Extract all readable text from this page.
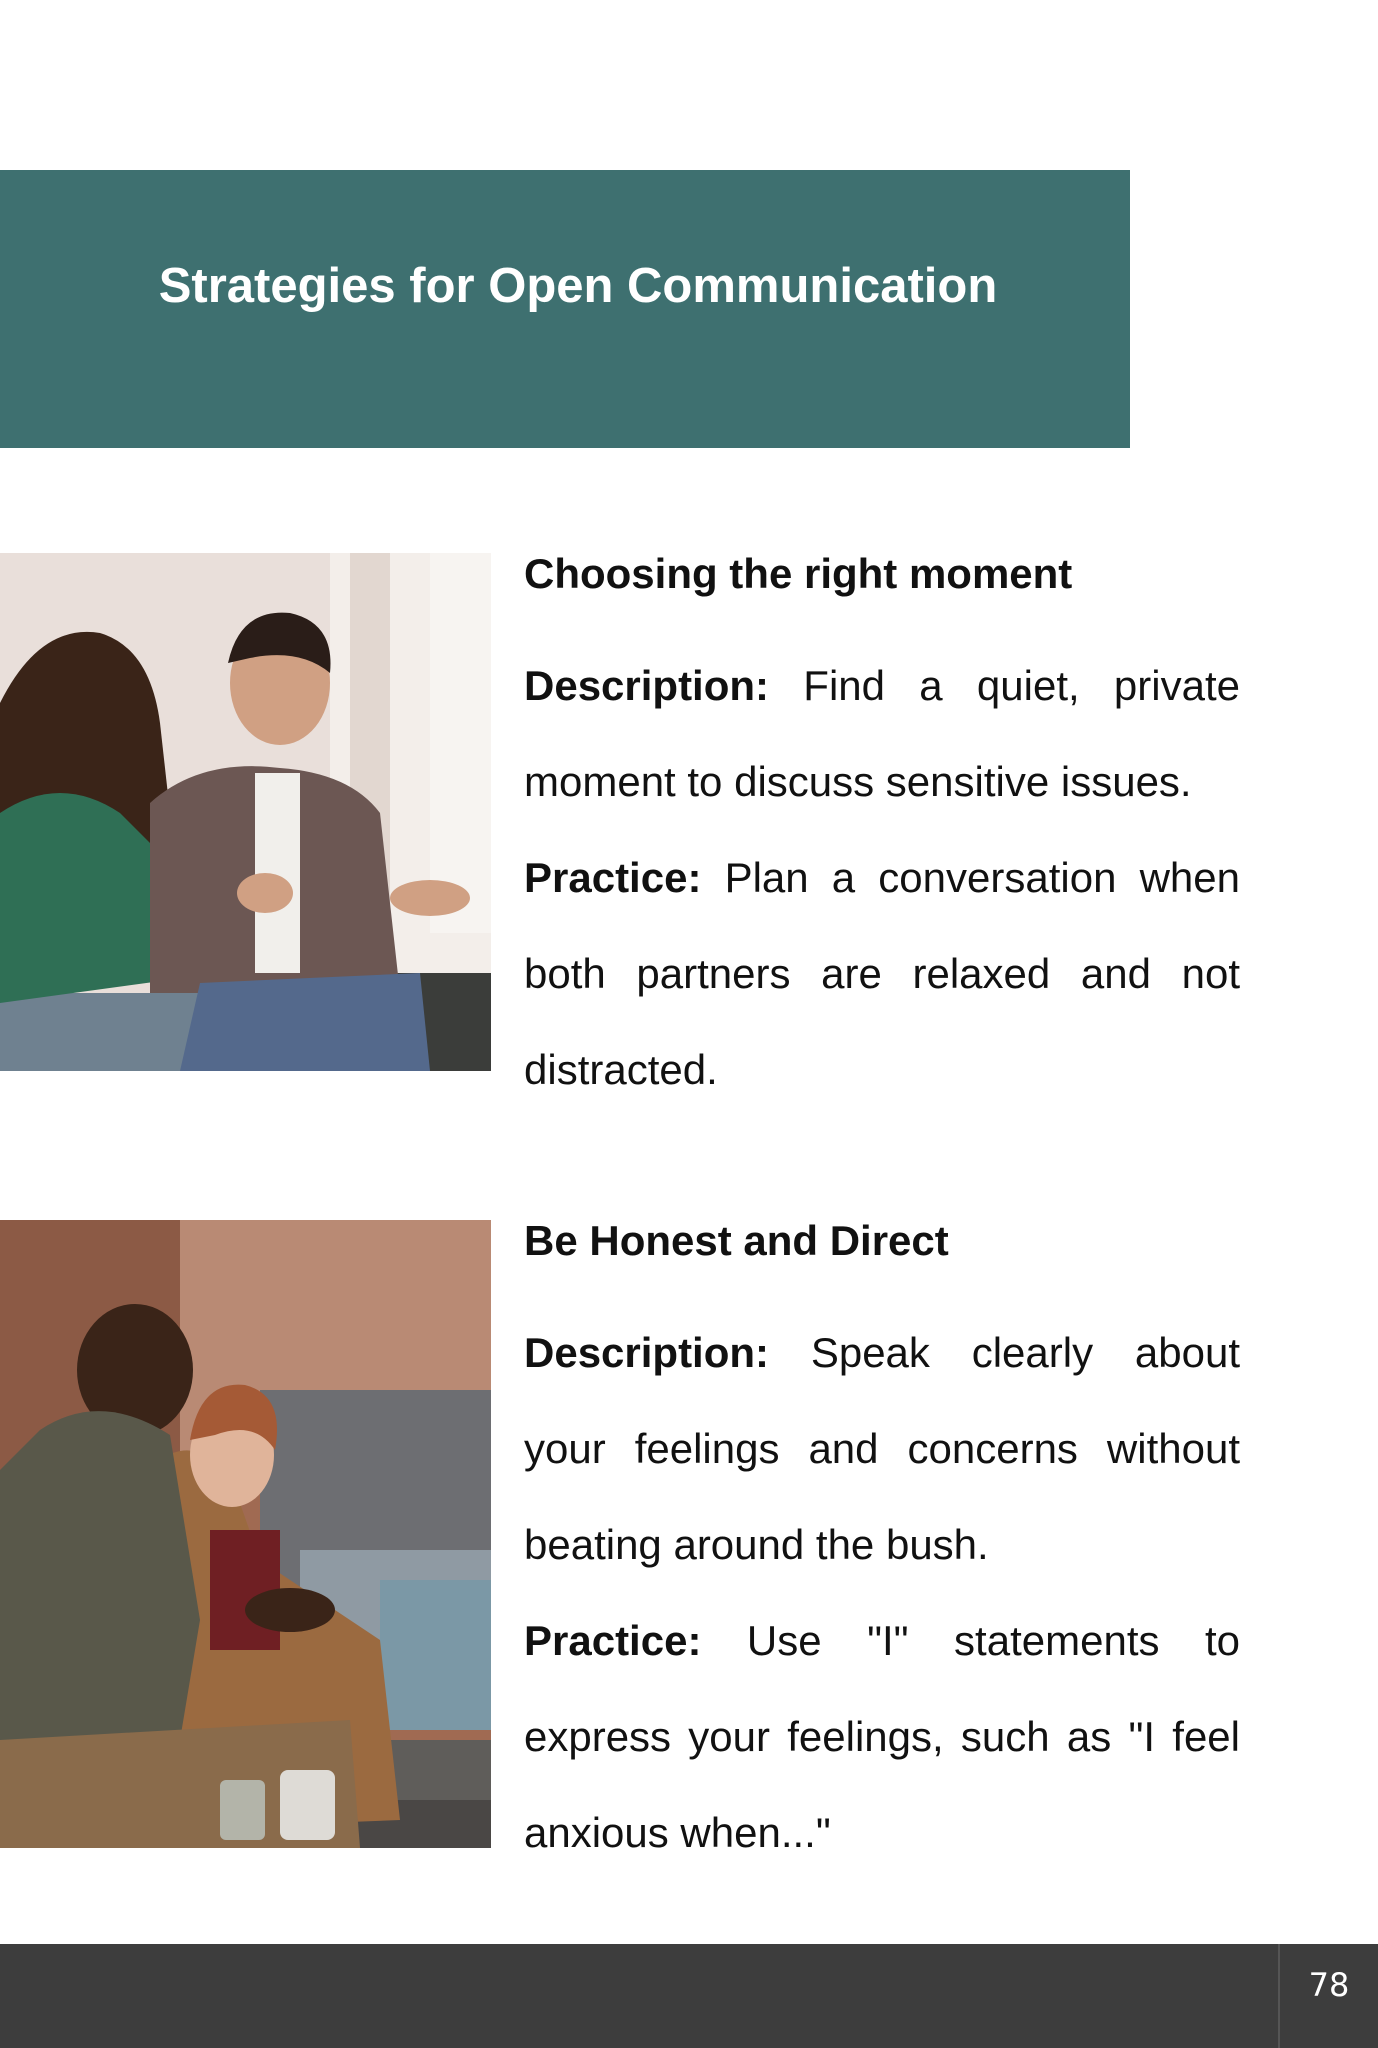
Strategies for Open Communication
Choosing the right moment

Description: Find a quiet, private moment to discuss sensitive issues.

Practice: Plan a conversation when both partners are relaxed and not distracted.

Be Honest and Direct

Description: Speak clearly about your feelings and concerns without beating around the bush.

Practice: Use "I" statements to express your feelings, such as "I feel anxious when..."

78
